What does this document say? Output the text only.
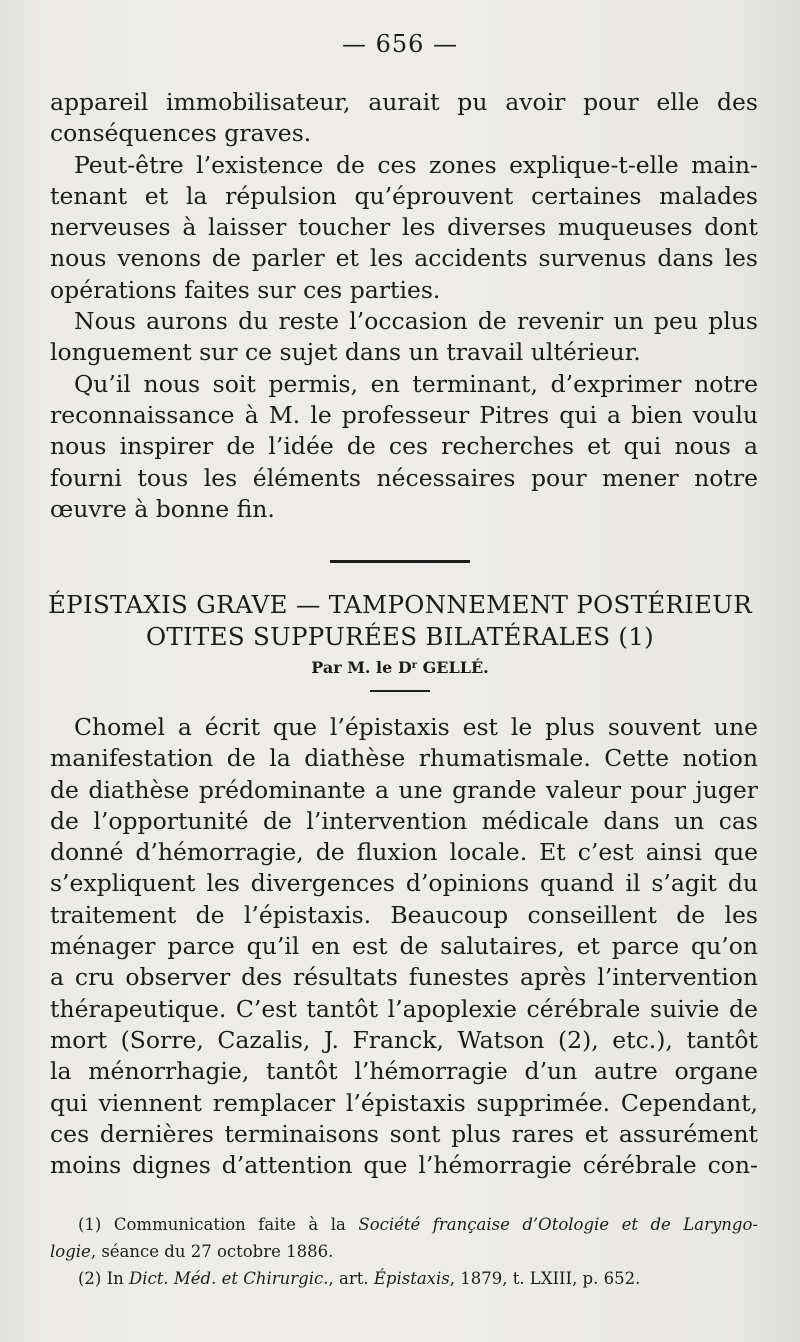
— 656 —
appareil immobilisateur, aurait pu avoir pour elle des
conséquences graves.
Peut-être l’existence de ces zones explique-t-elle main-
tenant et la répulsion qu’éprouvent certaines malades
nerveuses à laisser toucher les diverses muqueuses dont
nous venons de parler et les accidents survenus dans les
opérations faites sur ces parties.
Nous aurons du reste l’occasion de revenir un peu plus
longuement sur ce sujet dans un travail ultérieur.
Qu’il nous soit permis, en terminant, d’exprimer notre
reconnaissance à M. le professeur Pitres qui a bien voulu
nous inspirer de l’idée de ces recherches et qui nous a
fourni tous les éléments nécessaires pour mener notre
œuvre à bonne fin.
ÉPISTAXIS GRAVE — TAMPONNEMENT POSTÉRIEUR
OTITES SUPPURÉES BILATÉRALES (1)
Par M. le $D^r$ GELLÉ.
Chomel a écrit que l’épistaxis est le plus souvent une
manifestation de la diathèse rhumatismale. Cette notion
de diathèse prédominante a une grande valeur pour juger
de l’opportunité de l’intervention médicale dans un cas
donné d’hémorragie, de fluxion locale. Et c’est ainsi que
s’expliquent les divergences d’opinions quand il s’agit du
traitement de l’épistaxis. Beaucoup conseillent de les
ménager parce qu’il en est de salutaires, et parce qu’on
a cru observer des résultats funestes après l’intervention
thérapeutique. C’est tantôt l’apoplexie cérébrale suivie de
mort (Sorre, Cazalis, J. Franck, Watson (2), etc.), tantôt
la ménorrhagie, tantôt l’hémorragie d’un autre organe
qui viennent remplacer l’épistaxis supprimée. Cependant,
ces dernières terminaisons sont plus rares et assurément
moins dignes d’attention que l’hémorragie cérébrale con-
(1) Communication faite à la Société française d’Otologie et de Laryngo-
logie, séance du 27 octobre 1886.
(2) In Dict. Méd. et Chirurgic., art. Épistaxis, 1879, t. LXIII, p. 652.
